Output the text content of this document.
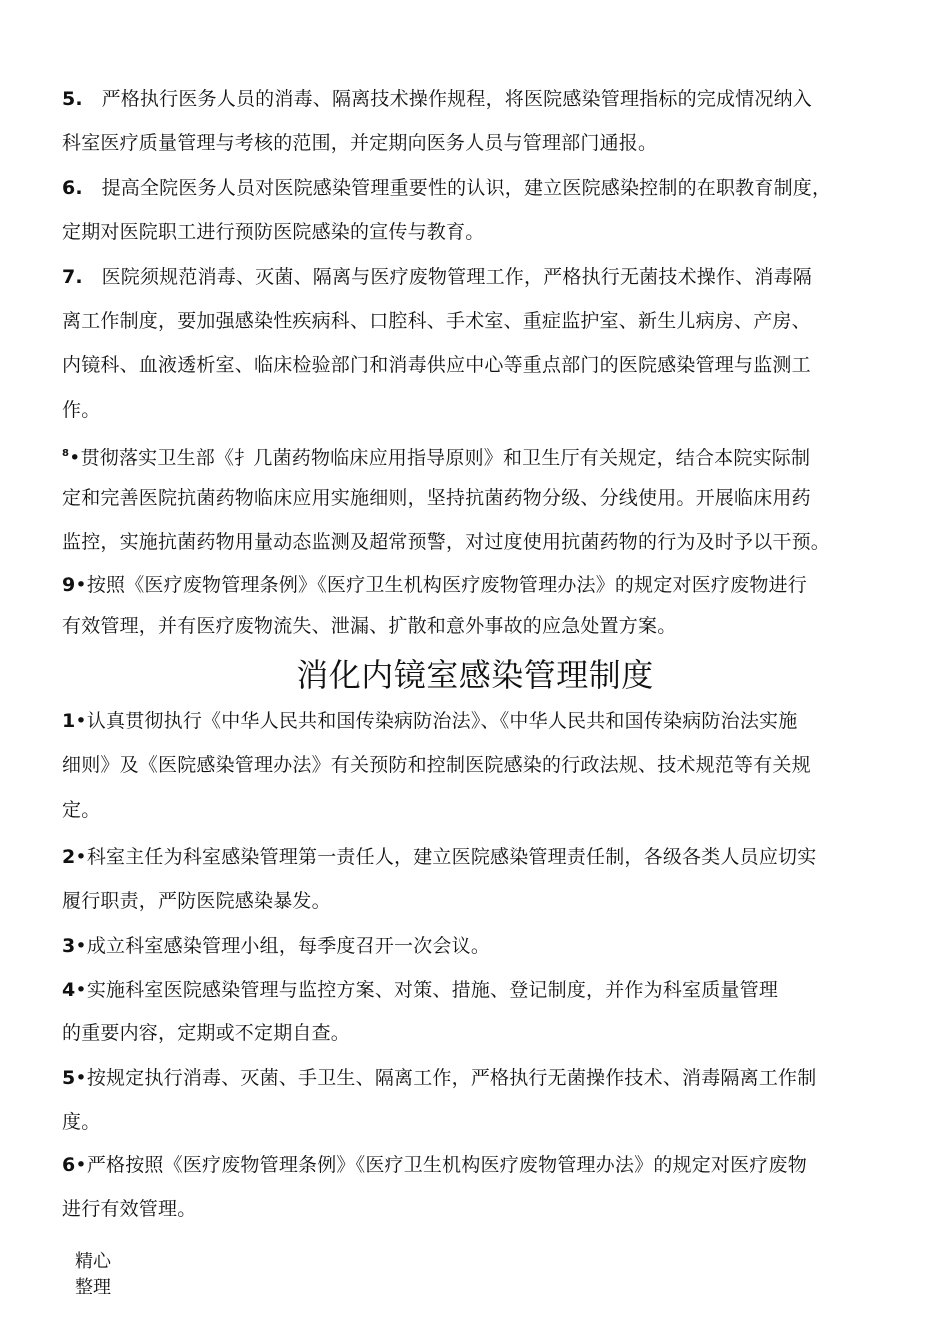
5. 严格执行医务人员的消毒、隔离技术操作规程，将医院感染管理指标的完成情况纳入
科室医疗质量管理与考核的范围，并定期向医务人员与管理部门通报。
6. 提高全院医务人员对医院感染管理重要性的认识，建立医院感染控制的在职教育制度，
定期对医院职工进行预防医院感染的宣传与教育。
7. 医院须规范消毒、灭菌、隔离与医疗废物管理工作，严格执行无菌技术操作、消毒隔
离工作制度，要加强感染性疾病科、口腔科、手术室、重症监护室、新生儿病房、产房、
内镜科、血液透析室、临床检验部门和消毒供应中心等重点部门的医院感染管理与监测工
作。
$^8$•贯彻落实卫生部《扌几菌药物临床应用指导原则》和卫生厅有关规定，结合本院实际制
定和完善医院抗菌药物临床应用实施细则，坚持抗菌药物分级、分线使用。开展临床用药
监控，实施抗菌药物用量动态监测及超常预警，对过度使用抗菌药物的行为及时予以干预。
9•按照《医疗废物管理条例》《医疗卫生机构医疗废物管理办法》的规定对医疗废物进行
有效管理，并有医疗废物流失、泄漏、扩散和意外事故的应急处置方案。
消化内镜室感染管理制度
1•认真贯彻执行《中华人民共和国传染病防治法》、《中华人民共和国传染病防治法实施
细则》及《医院感染管理办法》有关预防和控制医院感染的行政法规、技术规范等有关规
定。
2•科室主任为科室感染管理第一责任人，建立医院感染管理责任制，各级各类人员应切实
履行职责，严防医院感染暴发。
3•成立科室感染管理小组，每季度召开一次会议。
4•实施科室医院感染管理与监控方案、对策、措施、登记制度，并作为科室质量管理
的重要内容，定期或不定期自查。
5•按规定执行消毒、灭菌、手卫生、隔离工作，严格执行无菌操作技术、消毒隔离工作制
度。
6•严格按照《医疗废物管理条例》《医疗卫生机构医疗废物管理办法》的规定对医疗废物
进行有效管理。
精心
整理
